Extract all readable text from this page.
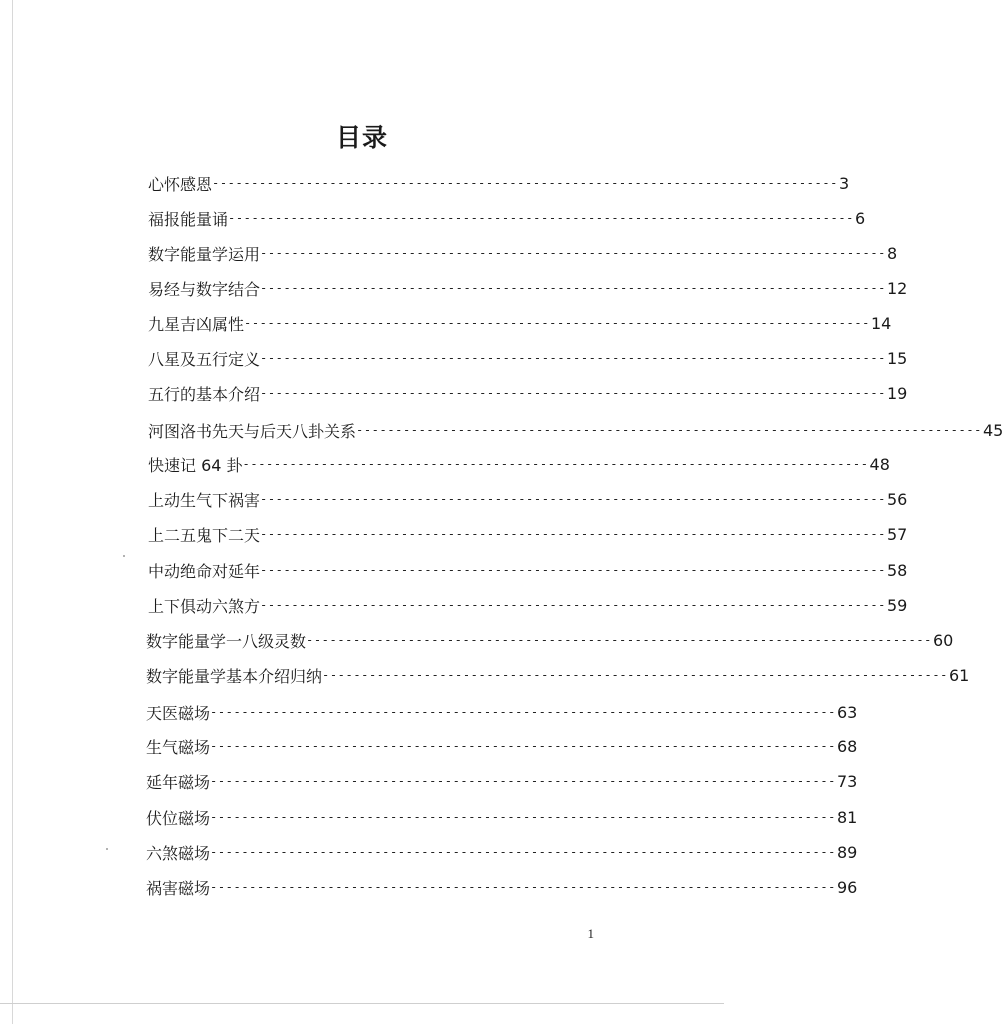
目录
心怀感恩 -------------------------------------------------------------------------------- 3
福报能量诵 -------------------------------------------------------------------------------- 6
数字能量学运用 -------------------------------------------------------------------------------- 8
易经与数字结合 -------------------------------------------------------------------------------- 12
九星吉凶属性 -------------------------------------------------------------------------------- 14
八星及五行定义 -------------------------------------------------------------------------------- 15
五行的基本介绍 -------------------------------------------------------------------------------- 19
河图洛书先天与后天八卦关系 -------------------------------------------------------------------------------- 45
快速记 64 卦 -------------------------------------------------------------------------------- 48
上动生气下祸害 -------------------------------------------------------------------------------- 56
上二五鬼下二天 -------------------------------------------------------------------------------- 57
中动绝命对延年 -------------------------------------------------------------------------------- 58
上下俱动六煞方 -------------------------------------------------------------------------------- 59
数字能量学一八级灵数 -------------------------------------------------------------------------------- 60
数字能量学基本介绍归纳 -------------------------------------------------------------------------------- 61
天医磁场 -------------------------------------------------------------------------------- 63
生气磁场 -------------------------------------------------------------------------------- 68
延年磁场 -------------------------------------------------------------------------------- 73
伏位磁场 -------------------------------------------------------------------------------- 81
六煞磁场 -------------------------------------------------------------------------------- 89
祸害磁场 -------------------------------------------------------------------------------- 96
1
